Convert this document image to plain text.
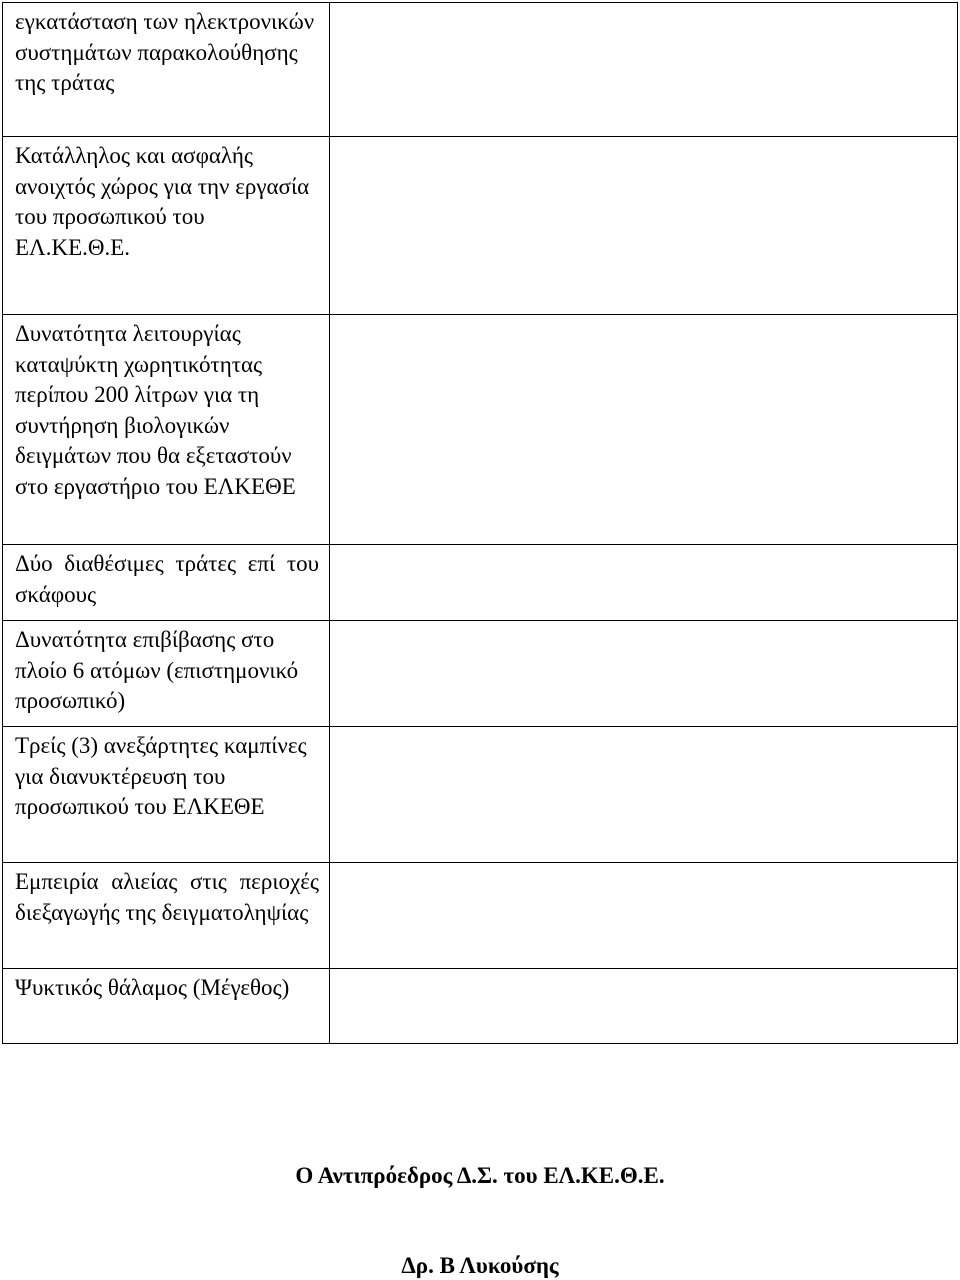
εγκατάσταση των ηλεκτρονικών συστημάτων παρακολούθησης της τράτας	

Κατάλληλος και ασφαλής ανοιχτός χώρος για την εργασία του προσωπικού του ΕΛ.ΚΕ.Θ.Ε.	

Δυνατότητα λειτουργίας καταψύκτη χωρητικότητας περίπου 200 λίτρων για τη συντήρηση βιολογικών δειγμάτων που θα εξεταστούν στο εργαστήριο του ΕΛΚΕΘΕ	

Δύο διαθέσιμες τράτες επί του σκάφους	

Δυνατότητα επιβίβασης στο πλοίο 6 ατόμων (επιστημονικό προσωπικό)	

Τρείς (3) ανεξάρτητες καμπίνες για διανυκτέρευση του προσωπικού του ΕΛΚΕΘΕ	

Εμπειρία αλιείας στις περιοχές διεξαγωγής της δειγματοληψίας	

Ψυκτικός θάλαμος (Μέγεθος)	

Ο Αντιπρόεδρος Δ.Σ. του ΕΛ.ΚΕ.Θ.Ε.
Δρ. Β Λυκούσης
